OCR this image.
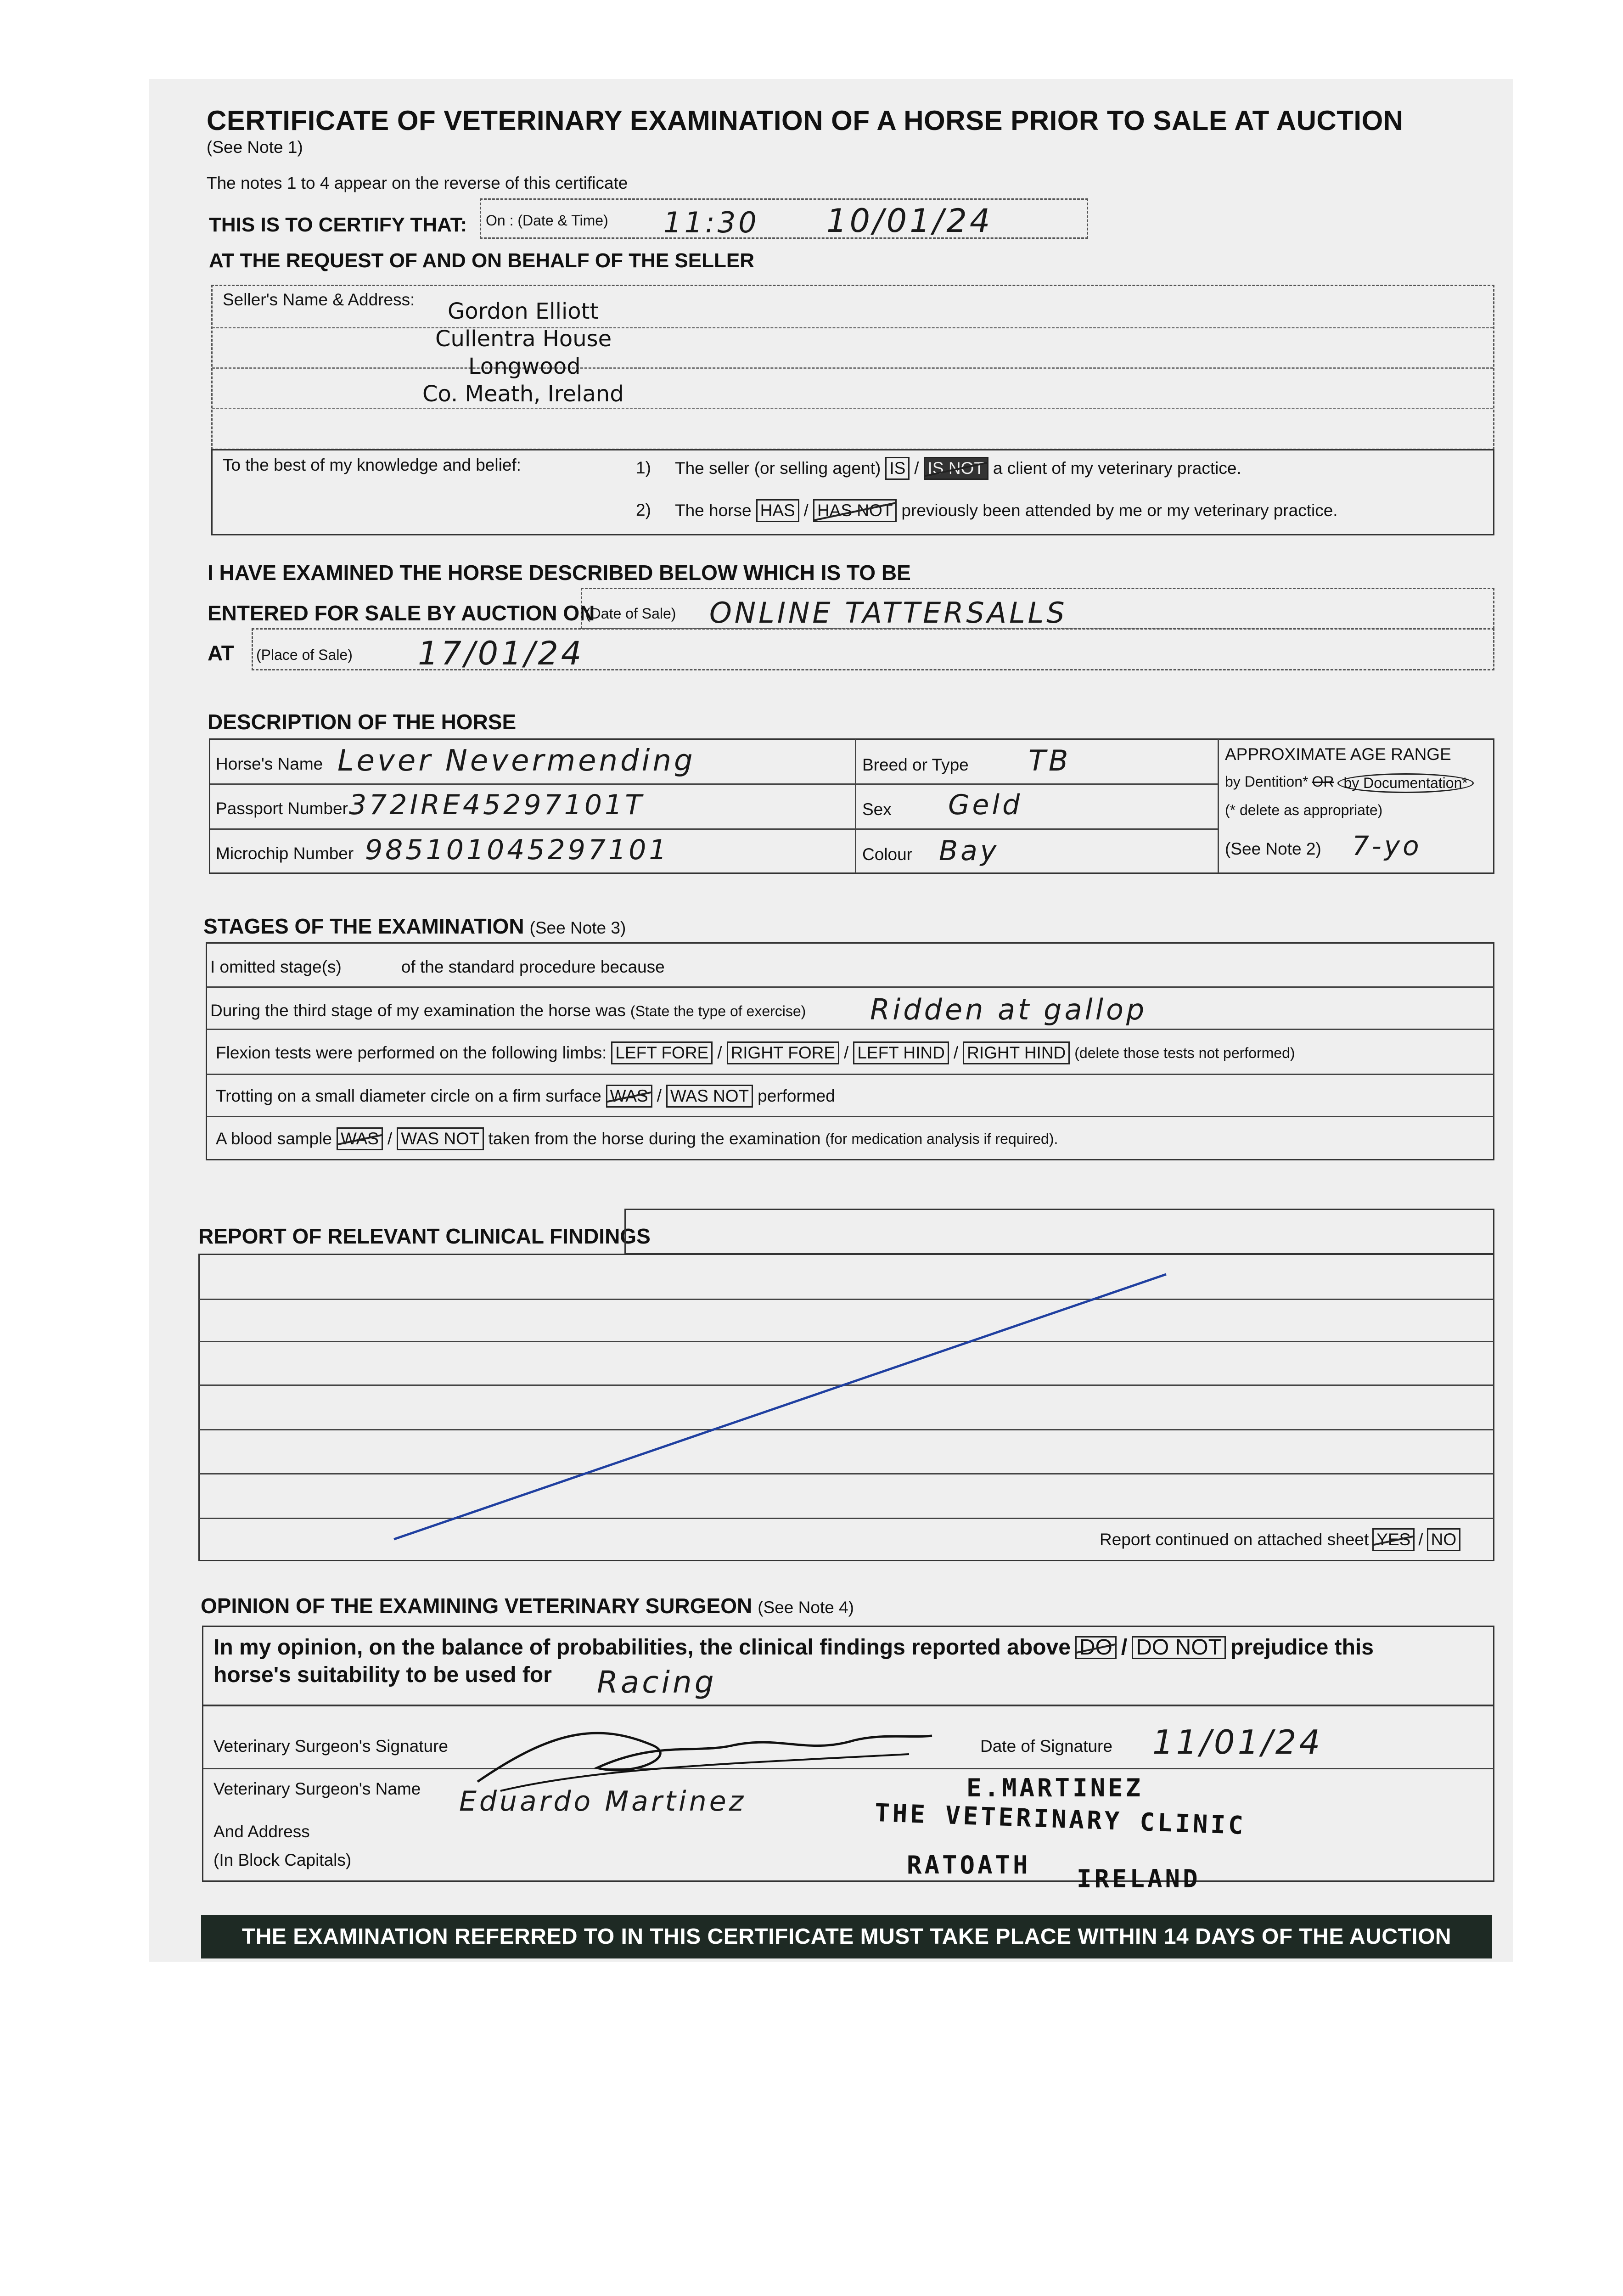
CERTIFICATE OF VETERINARY EXAMINATION OF A HORSE PRIOR TO SALE AT AUCTION
(See Note 1)
The notes 1 to 4 appear on the reverse of this certificate
THIS IS TO CERTIFY THAT: On : (Date & Time) 11:30 10/01/24
AT THE REQUEST OF AND ON BEHALF OF THE SELLER
Seller's Name & Address: Gordon Elliott
Cullentra House
Longwood
Co. Meath, Ireland
To the best of my knowledge and belief:	1) The seller (or selling agent) IS / IS NOT a client of my veterinary practice.
2) The horse HAS / HAS NOT previously been attended by me or my veterinary practice.
I HAVE EXAMINED THE HORSE DESCRIBED BELOW WHICH IS TO BE
ENTERED FOR SALE BY AUCTION ON
(Date of Sale) ONLINE TATTERSALLS
AT (Place of Sale) 17/01/24
DESCRIPTION OF THE HORSE
Horse's Name Lever Nevermending
Passport Number 372IRE45297101T
Microchip Number 985101045297101
Breed or Type TB
Sex Geld
Colour Bay
APPROXIMATE AGE RANGE
by Dentition* OR by Documentation*
(* delete as appropriate)
(See Note 2) 7-yo
STAGES OF THE EXAMINATION (See Note 3)
I omitted stage(s)	of the standard procedure because
During the third stage of my examination the horse was (State the type of exercise) Ridden at gallop
Flexion tests were performed on the following limbs: LEFT FORE / RIGHT FORE / LEFT HIND / RIGHT HIND (delete those tests not performed)
Trotting on a small diameter circle on a firm surface WAS / WAS NOT performed
A blood sample WAS / WAS NOT taken from the horse during the examination (for medication analysis if required).
REPORT OF RELEVANT CLINICAL FINDINGS
Report continued on attached sheet YES / NO
OPINION OF THE EXAMINING VETERINARY SURGEON (See Note 4)
In my opinion, on the balance of probabilities, the clinical findings reported above DO / DO NOT prejudice this
horse's suitability to be used for Racing
Veterinary Surgeon's Signature	Date of Signature 11/01/24
Veterinary Surgeon's Name Eduardo Martinez
And Address
(In Block Capitals)
E.MARTINEZ
THE VETERINARY CLINIC
RATOATH IRELAND
THE EXAMINATION REFERRED TO IN THIS CERTIFICATE MUST TAKE PLACE WITHIN 14 DAYS OF THE AUCTION
